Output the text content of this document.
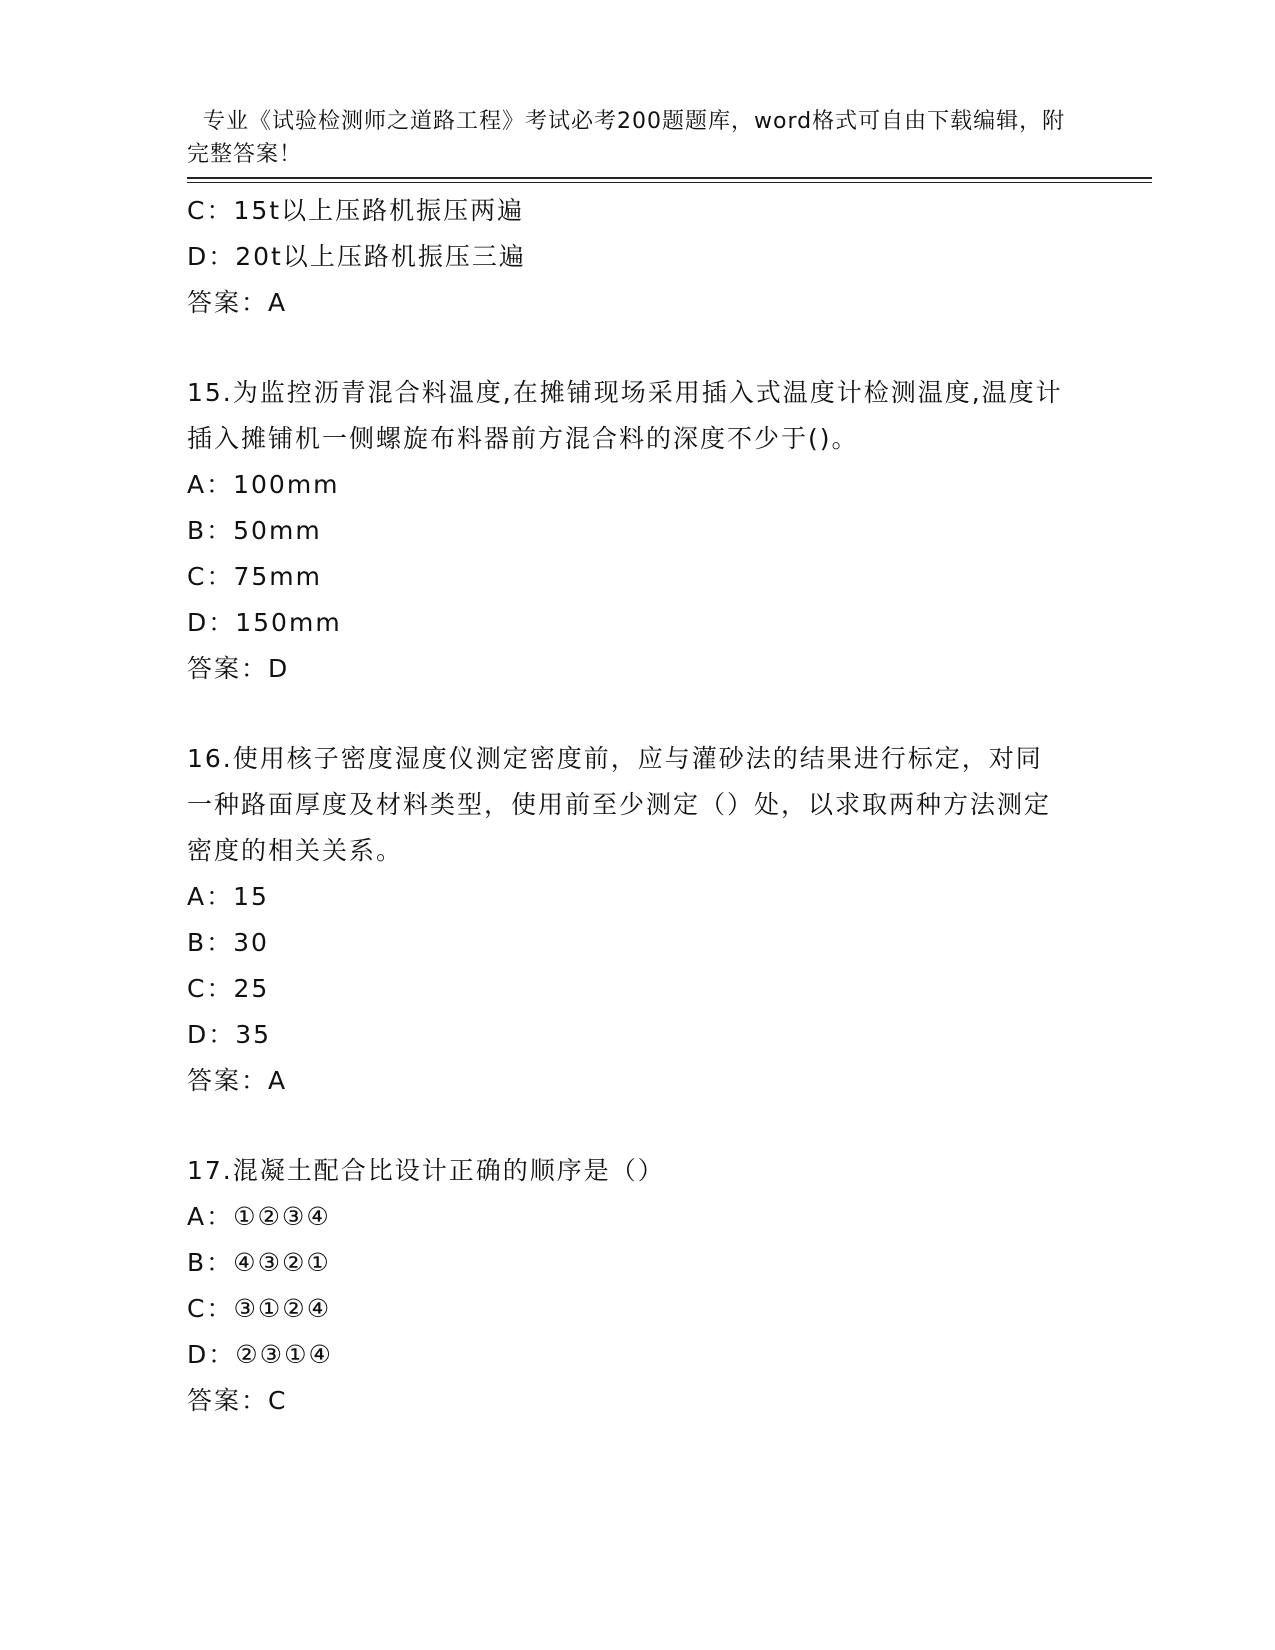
专业《试验检测师之道路工程》考试必考200题题库，word格式可自由下载编辑，附完整答案！

C：15t以上压路机振压两遍
D：20t以上压路机振压三遍
答案：A
15.为监控沥青混合料温度,在摊铺现场采用插入式温度计检测温度,温度计插入摊铺机一侧螺旋布料器前方混合料的深度不少于()。
A：100mm
B：50mm
C：75mm
D：150mm
答案：D
16.使用核子密度湿度仪测定密度前，应与灌砂法的结果进行标定，对同一种路面厚度及材料类型，使用前至少测定（）处，以求取两种方法测定密度的相关关系。
A：15
B：30
C：25
D：35
答案：A
17.混凝土配合比设计正确的顺序是（）
A：①②③④
B：④③②①
C：③①②④
D：②③①④
答案：C
